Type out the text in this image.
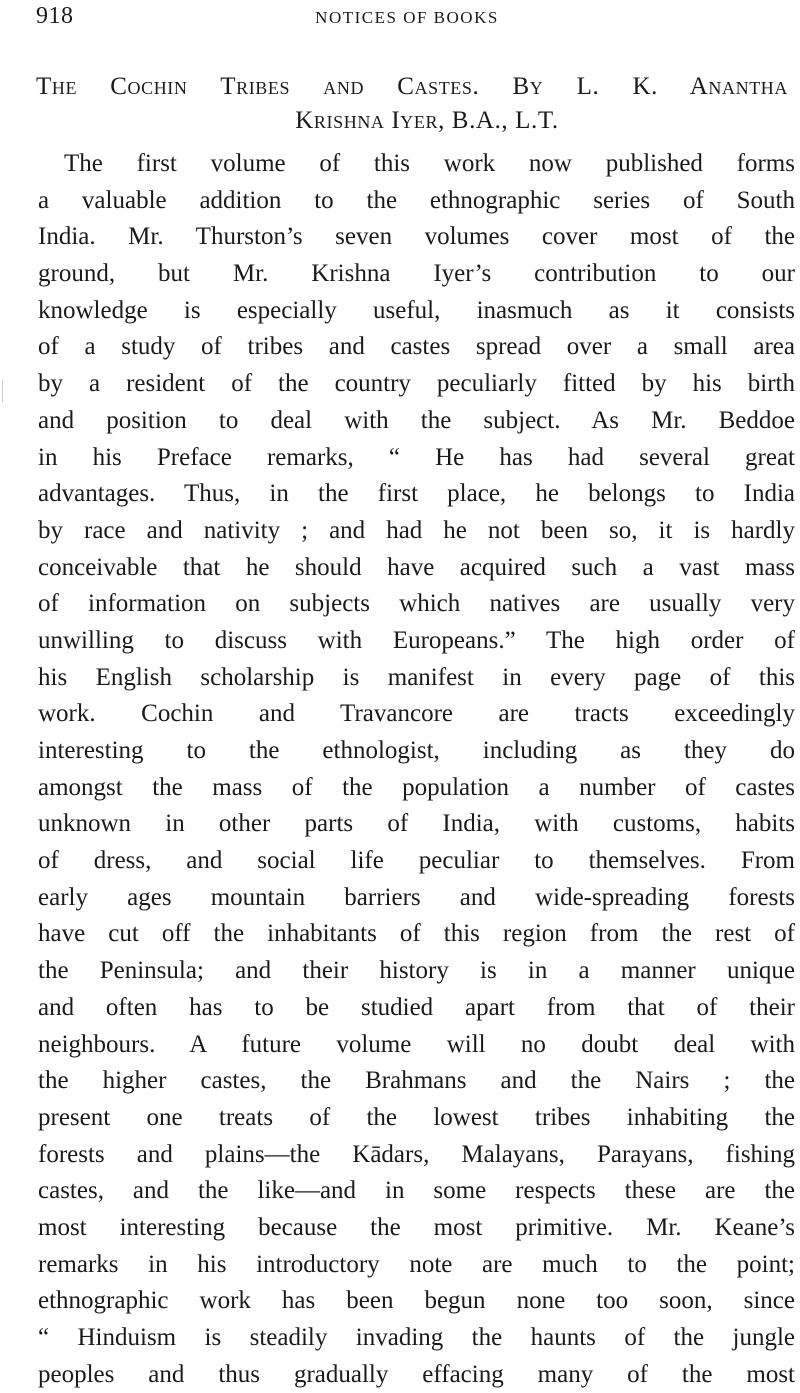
918	NOTICES OF BOOKS
The Cochin Tribes and Castes. By L. K. Anantha
Krishna Iyer, B.A., L.T.
The first volume of this work now published forms
a valuable addition to the ethnographic series of South
India. Mr. Thurston’s seven volumes cover most of the
ground, but Mr. Krishna Iyer’s contribution to our
knowledge is especially useful, inasmuch as it consists
of a study of tribes and castes spread over a small area
by a resident of the country peculiarly fitted by his birth
and position to deal with the subject. As Mr. Beddoe
in his Preface remarks, “ He has had several great
advantages. Thus, in the first place, he belongs to India
by race and nativity ; and had he not been so, it is hardly
conceivable that he should have acquired such a vast mass
of information on subjects which natives are usually very
unwilling to discuss with Europeans.” The high order of
his English scholarship is manifest in every page of this
work. Cochin and Travancore are tracts exceedingly
interesting to the ethnologist, including as they do
amongst the mass of the population a number of castes
unknown in other parts of India, with customs, habits
of dress, and social life peculiar to themselves. From
early ages mountain barriers and wide-spreading forests
have cut off the inhabitants of this region from the rest of
the Peninsula; and their history is in a manner unique
and often has to be studied apart from that of their
neighbours. A future volume will no doubt deal with
the higher castes, the Brahmans and the Nairs ; the
present one treats of the lowest tribes inhabiting the
forests and plains—the Kādars, Malayans, Parayans, fishing
castes, and the like—and in some respects these are the
most interesting because the most primitive. Mr. Keane’s
remarks in his introductory note are much to the point;
ethnographic work has been begun none too soon, since
“ Hinduism is steadily invading the haunts of the jungle
peoples and thus gradually effacing many of the most
